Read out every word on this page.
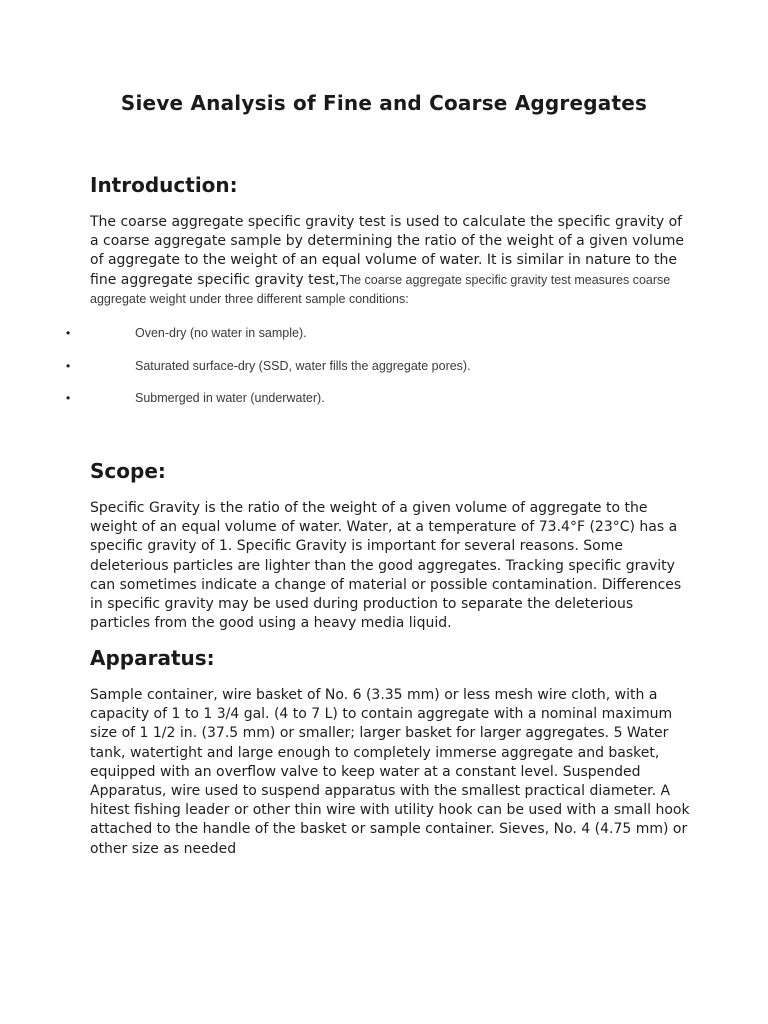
Sieve Analysis of Fine and Coarse Aggregates
Introduction:

The coarse aggregate specific gravity test is used to calculate the specific gravity of a coarse aggregate sample by determining the ratio of the weight of a given volume of aggregate to the weight of an equal volume of water. It is similar in nature to the fine aggregate specific gravity test,The coarse aggregate specific gravity test measures coarse aggregate weight under three different sample conditions:

•	Oven-dry (no water in sample).
•	Saturated surface-dry (SSD, water fills the aggregate pores).
•	Submerged in water (underwater).
Scope:

Specific Gravity is the ratio of the weight of a given volume of aggregate to the weight of an equal volume of water. Water, at a temperature of 73.4°F (23°C) has a specific gravity of 1. Specific Gravity is important for several reasons. Some deleterious particles are lighter than the good aggregates. Tracking specific gravity can sometimes indicate a change of material or possible contamination. Differences in specific gravity may be used during production to separate the deleterious particles from the good using a heavy media liquid.

Apparatus:

Sample container, wire basket of No. 6 (3.35 mm) or less mesh wire cloth, with a capacity of 1 to 1 3/4 gal. (4 to 7 L) to contain aggregate with a nominal maximum size of 1 1/2 in. (37.5 mm) or smaller; larger basket for larger aggregates. 5 Water tank, watertight and large enough to completely immerse aggregate and basket, equipped with an overflow valve to keep water at a constant level. Suspended Apparatus, wire used to suspend apparatus with the smallest practical diameter. A hitest fishing leader or other thin wire with utility hook can be used with a small hook attached to the handle of the basket or sample container. Sieves, No. 4 (4.75 mm) or other size as needed
